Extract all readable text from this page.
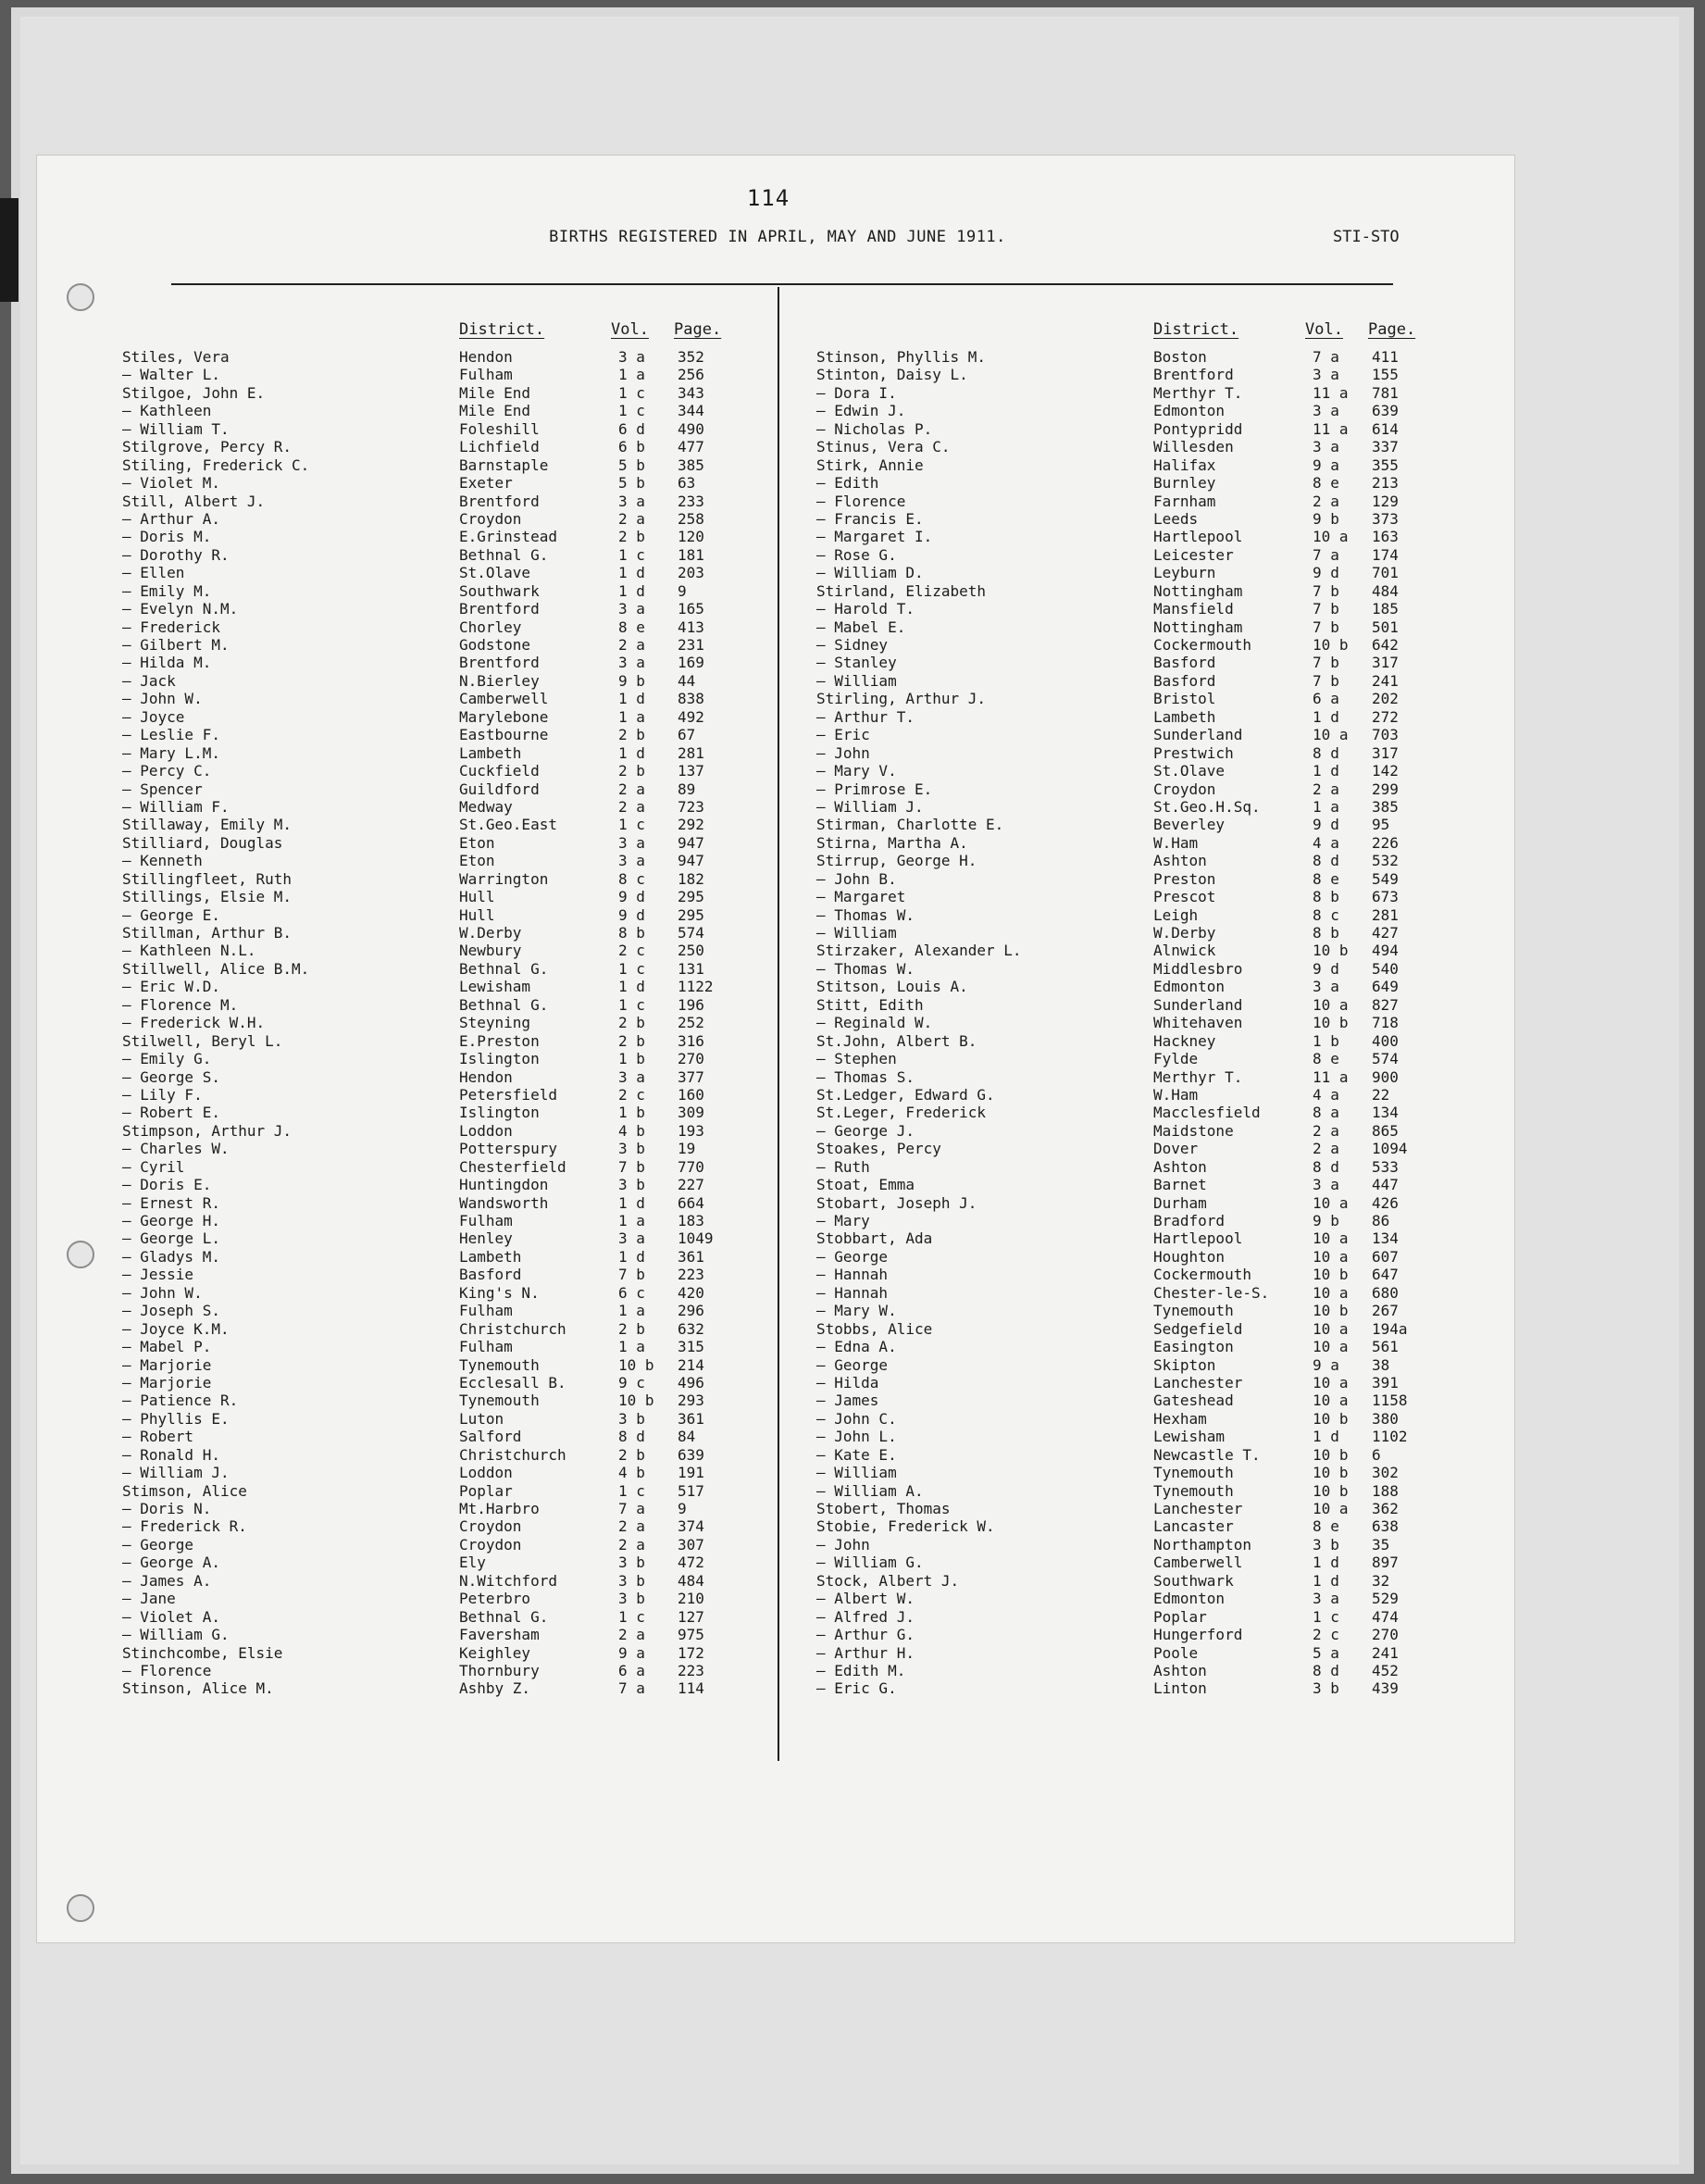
114
BIRTHS REGISTERED IN APRIL, MAY AND JUNE 1911.	STI-STO
District.	Vol. Page.
Stiles, Vera	Hendon	3 a 352
— Walter L.	Fulham	1 a 256
Stilgoe, John E.	Mile End	1 c 343
— Kathleen	Mile End	1 c 344
— William T.	Foleshill	6 d 490
Stilgrove, Percy R.	Lichfield	6 b 477
Stiling, Frederick C.	Barnstaple	5 b 385
— Violet M.	Exeter	5 b 63
Still, Albert J.	Brentford	3 a 233
— Arthur A.	Croydon	2 a 258
— Doris M.	E.Grinstead	2 b 120
— Dorothy R.	Bethnal G.	1 c 181
— Ellen	St.Olave	1 d 203
— Emily M.	Southwark	1 d 9
— Evelyn N.M.	Brentford	3 a 165
— Frederick	Chorley	8 e 413
— Gilbert M.	Godstone	2 a 231
— Hilda M.	Brentford	3 a 169
— Jack	N.Bierley	9 b 44
— John W.	Camberwell	1 d 838
— Joyce	Marylebone	1 a 492
— Leslie F.	Eastbourne	2 b 67
— Mary L.M.	Lambeth	1 d 281
— Percy C.	Cuckfield	2 b 137
— Spencer	Guildford	2 a 89
— William F.	Medway	2 a 723
Stillaway, Emily M.	St.Geo.East	1 c 292
Stilliard, Douglas	Eton	3 a 947
— Kenneth	Eton	3 a 947
Stillingfleet, Ruth	Warrington	8 c 182
Stillings, Elsie M.	Hull	9 d 295
— George E.	Hull	9 d 295
Stillman, Arthur B.	W.Derby	8 b 574
— Kathleen N.L.	Newbury	2 c 250
Stillwell, Alice B.M.	Bethnal G.	1 c 131
— Eric W.D.	Lewisham	1 d 1122
— Florence M.	Bethnal G.	1 c 196
— Frederick W.H.	Steyning	2 b 252
Stilwell, Beryl L.	E.Preston	2 b 316
— Emily G.	Islington	1 b 270
— George S.	Hendon	3 a 377
— Lily F.	Petersfield	2 c 160
— Robert E.	Islington	1 b 309
Stimpson, Arthur J.	Loddon	4 b 193
— Charles W.	Potterspury	3 b 19
— Cyril	Chesterfield	7 b 770
— Doris E.	Huntingdon	3 b 227
— Ernest R.	Wandsworth	1 d 664
— George H.	Fulham	1 a 183
— George L.	Henley	3 a 1049
— Gladys M.	Lambeth	1 d 361
— Jessie	Basford	7 b 223
— John W.	King's N.	6 c 420
— Joseph S.	Fulham	1 a 296
— Joyce K.M.	Christchurch	2 b 632
— Mabel P.	Fulham	1 a 315
— Marjorie	Tynemouth	10 b 214
— Marjorie	Ecclesall B.	9 c 496
— Patience R.	Tynemouth	10 b 293
— Phyllis E.	Luton	3 b 361
— Robert	Salford	8 d 84
— Ronald H.	Christchurch	2 b 639
— William J.	Loddon	4 b 191
Stimson, Alice	Poplar	1 c 517
— Doris N.	Mt.Harbro	7 a 9
— Frederick R.	Croydon	2 a 374
— George	Croydon	2 a 307
— George A.	Ely	3 b 472
— James A.	N.Witchford	3 b 484
— Jane	Peterbro	3 b 210
— Violet A.	Bethnal G.	1 c 127
— William G.	Faversham	2 a 975
Stinchcombe, Elsie	Keighley	9 a 172
— Florence	Thornbury	6 a 223
Stinson, Alice M.	Ashby Z.	7 a 114
District.	Vol. Page.
Stinson, Phyllis M.	Boston	7 a 411
Stinton, Daisy L.	Brentford	3 a 155
— Dora I.	Merthyr T.	11 a 781
— Edwin J.	Edmonton	3 a 639
— Nicholas P.	Pontypridd	11 a 614
Stinus, Vera C.	Willesden	3 a 337
Stirk, Annie	Halifax	9 a 355
— Edith	Burnley	8 e 213
— Florence	Farnham	2 a 129
— Francis E.	Leeds	9 b 373
— Margaret I.	Hartlepool	10 a 163
— Rose G.	Leicester	7 a 174
— William D.	Leyburn	9 d 701
Stirland, Elizabeth	Nottingham	7 b 484
— Harold T.	Mansfield	7 b 185
— Mabel E.	Nottingham	7 b 501
— Sidney	Cockermouth	10 b 642
— Stanley	Basford	7 b 317
— William	Basford	7 b 241
Stirling, Arthur J.	Bristol	6 a 202
— Arthur T.	Lambeth	1 d 272
— Eric	Sunderland	10 a 703
— John	Prestwich	8 d 317
— Mary V.	St.Olave	1 d 142
— Primrose E.	Croydon	2 a 299
— William J.	St.Geo.H.Sq.	1 a 385
Stirman, Charlotte E.	Beverley	9 d 95
Stirna, Martha A.	W.Ham	4 a 226
Stirrup, George H.	Ashton	8 d 532
— John B.	Preston	8 e 549
— Margaret	Prescot	8 b 673
— Thomas W.	Leigh	8 c 281
— William	W.Derby	8 b 427
Stirzaker, Alexander L.	Alnwick	10 b 494
— Thomas W.	Middlesbro	9 d 540
Stitson, Louis A.	Edmonton	3 a 649
Stitt, Edith	Sunderland	10 a 827
— Reginald W.	Whitehaven	10 b 718
St.John, Albert B.	Hackney	1 b 400
— Stephen	Fylde	8 e 574
— Thomas S.	Merthyr T.	11 a 900
St.Ledger, Edward G.	W.Ham	4 a 22
St.Leger, Frederick	Macclesfield	8 a 134
— George J.	Maidstone	2 a 865
Stoakes, Percy	Dover	2 a 1094
— Ruth	Ashton	8 d 533
Stoat, Emma	Barnet	3 a 447
Stobart, Joseph J.	Durham	10 a 426
— Mary	Bradford	9 b 86
Stobbart, Ada	Hartlepool	10 a 134
— George	Houghton	10 a 607
— Hannah	Cockermouth	10 b 647
— Hannah	Chester-le-S.	10 a 680
— Mary W.	Tynemouth	10 b 267
Stobbs, Alice	Sedgefield	10 a 194a
— Edna A.	Easington	10 a 561
— George	Skipton	9 a 38
— Hilda	Lanchester	10 a 391
— James	Gateshead	10 a 1158
— John C.	Hexham	10 b 380
— John L.	Lewisham	1 d 1102
— Kate E.	Newcastle T.	10 b 6
— William	Tynemouth	10 b 302
— William A.	Tynemouth	10 b 188
Stobert, Thomas	Lanchester	10 a 362
Stobie, Frederick W.	Lancaster	8 e 638
— John	Northampton	3 b 35
— William G.	Camberwell	1 d 897
Stock, Albert J.	Southwark	1 d 32
— Albert W.	Edmonton	3 a 529
— Alfred J.	Poplar	1 c 474
— Arthur G.	Hungerford	2 c 270
— Arthur H.	Poole	5 a 241
— Edith M.	Ashton	8 d 452
— Eric G.	Linton	3 b 439
